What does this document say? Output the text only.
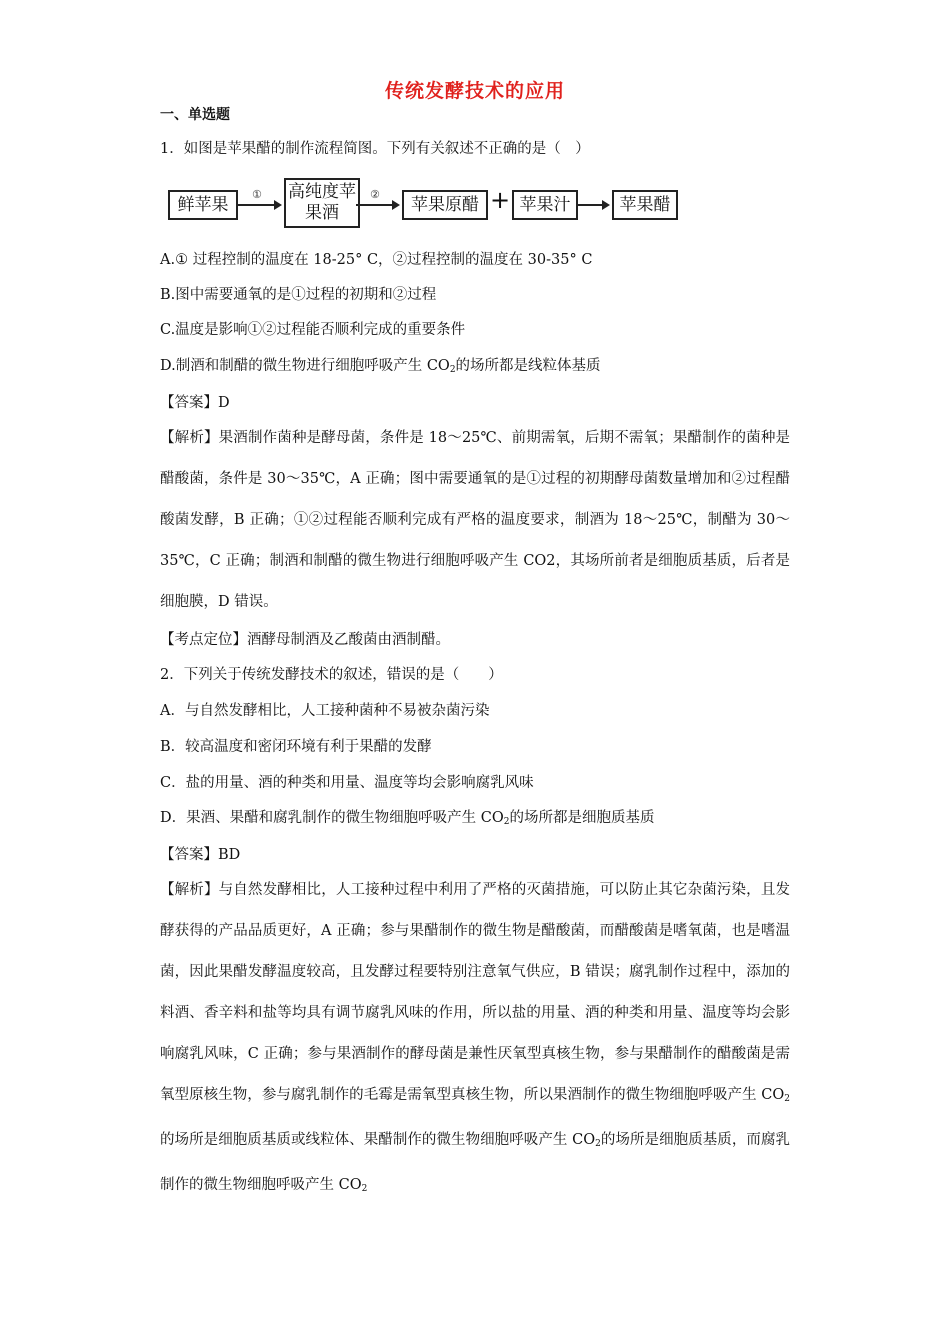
传统发酵技术的应用
一、单选题
1．如图是苹果醋的制作流程简图。下列有关叙述不正确的是（　）
鲜苹果	① 高纯度苹果酒
②	苹果原醋 + 苹果汁	苹果醋
A.① 过程控制的温度在 18-25° C，②过程控制的温度在 30-35° C
B.图中需要通氧的是①过程的初期和②过程
C.温度是影响①②过程能否顺利完成的重要条件
D.制酒和制醋的微生物进行细胞呼吸产生 $CO_2$的场所都是线粒体基质
【答案】D
【解析】果酒制作菌种是酵母菌，条件是 18～25℃、前期需氧，后期不需氧；果醋制作的菌种是醋酸菌，条件是 30～35℃，A 正确；图中需要通氧的是①过程的初期酵母菌数量增加和②过程醋酸菌发酵，B 正确；①②过程能否顺利完成有严格的温度要求，制酒为 18～25℃，制醋为 30～35℃，C 正确；制酒和制醋的微生物进行细胞呼吸产生 CO2，其场所前者是细胞质基质，后者是细胞膜，D 错误。
【考点定位】酒酵母制酒及乙酸菌由酒制醋。
2．下列关于传统发酵技术的叙述，错误的是（　　）
A．与自然发酵相比，人工接种菌种不易被杂菌污染
B．较高温度和密闭环境有利于果醋的发酵
C．盐的用量、酒的种类和用量、温度等均会影响腐乳风味
D．果酒、果醋和腐乳制作的微生物细胞呼吸产生 $CO_2$的场所都是细胞质基质
【答案】BD
【解析】与自然发酵相比，人工接种过程中利用了严格的灭菌措施，可以防止其它杂菌污染，且发酵获得的产品品质更好，A 正确；参与果醋制作的微生物是醋酸菌，而醋酸菌是嗜氧菌，也是嗜温菌，因此果醋发酵温度较高，且发酵过程要特别注意氧气供应，B 错误；腐乳制作过程中，添加的料酒、香辛料和盐等均具有调节腐乳风味的作用，所以盐的用量、酒的种类和用量、温度等均会影响腐乳风味，C 正确；参与果酒制作的酵母菌是兼性厌氧型真核生物，参与果醋制作的醋酸菌是需氧型原核生物，参与腐乳制作的毛霉是需氧型真核生物，所以果酒制作的微生物细胞呼吸产生 $CO_2$的场所是细胞质基质或线粒体、果醋制作的微生物细胞呼吸产生 $CO_2$的场所是细胞质基质，而腐乳制作的微生物细胞呼吸产生 $CO_2$
